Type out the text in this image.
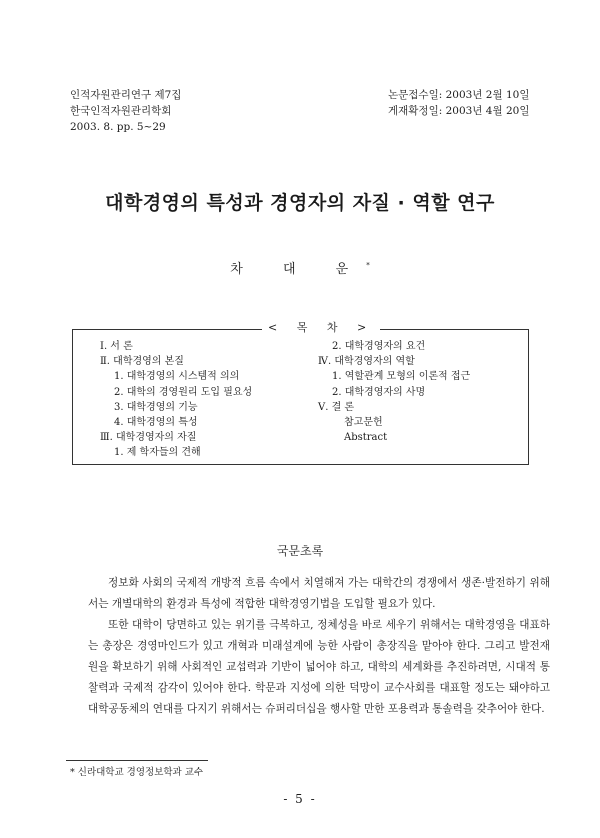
인적자원관리연구 제7집
한국인적자원관리학회
2003. 8. pp. 5~29
논문접수일: 2003년 2월 10일
게재확정일: 2003년 4월 20일
대학경영의 특성과 경영자의 자질 · 역할 연구
차 대 운*
< 목 차 >
Ⅰ. 서 론
Ⅱ. 대학경영의 본질
1. 대학경영의 시스템적 의의
2. 대학의 경영원리 도입 필요성
3. 대학경영의 기능
4. 대학경영의 특성
Ⅲ. 대학경영자의 자질
1. 제 학자들의 견해
2. 대학경영자의 요건
Ⅳ. 대학경영자의 역할
1. 역할관계 모형의 이론적 접근
2. 대학경영자의 사명
Ⅴ. 결 론
참고문헌
Abstract
국문초록

정보화 사회의 국제적 개방적 흐름 속에서 치열해져 가는 대학간의 경쟁에서 생존·발전하기 위해서는 개별대학의 환경과 특성에 적합한 대학경영기법을 도입할 필요가 있다.

또한 대학이 당면하고 있는 위기를 극복하고, 정체성을 바로 세우기 위해서는 대학경영을 대표하는 총장은 경영마인드가 있고 개혁과 미래설계에 능한 사람이 총장직을 맡아야 한다. 그리고 발전재원을 확보하기 위해 사회적인 교섭력과 기반이 넓어야 하고, 대학의 세계화를 추진하려면, 시대적 통찰력과 국제적 감각이 있어야 한다. 학문과 지성에 의한 덕망이 교수사회를 대표할 정도는 돼야하고 대학공동체의 연대를 다지기 위해서는 슈퍼리더십을 행사할 만한 포용력과 통솔력을 갖추어야 한다.

* 신라대학교 경영정보학과 교수
- 5 -
